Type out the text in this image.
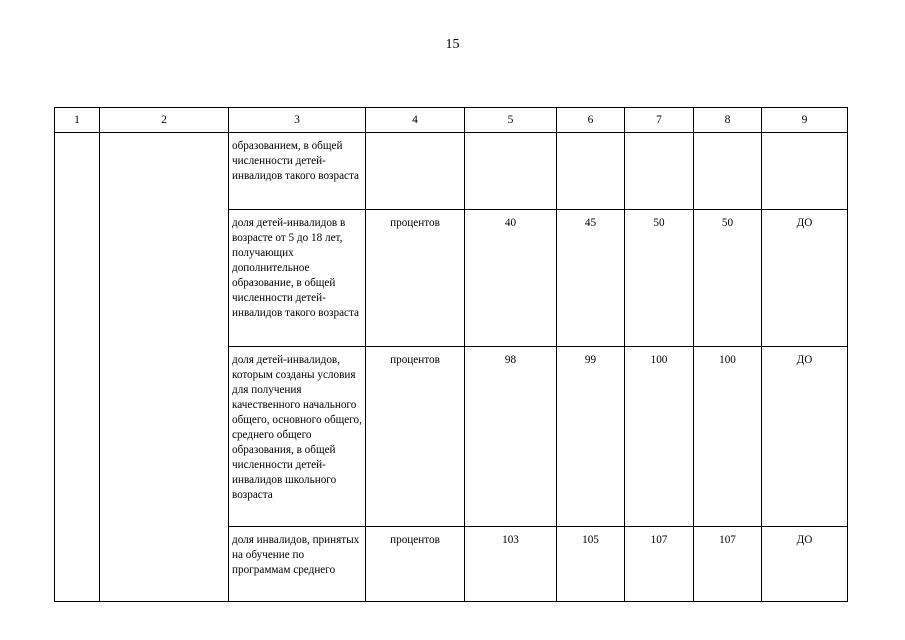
15
1	2	3	4	5	6	7	8	9
		образованием, в общей численности детей-инвалидов такого возраста						
		доля детей-инвалидов в возрасте от 5 до 18 лет, получающих дополнительное образование, в общей численности детей-инвалидов такого возраста	процентов	40	45	50	50	ДО
		доля детей-инвалидов, которым созданы условия для получения качественного начального общего, основного общего, среднего общего образования, в общей численности детей-инвалидов школьного возраста	процентов	98	99	100	100	ДО
		доля инвалидов, принятых на обучение по программам среднего	процентов	103	105	107	107	ДО
